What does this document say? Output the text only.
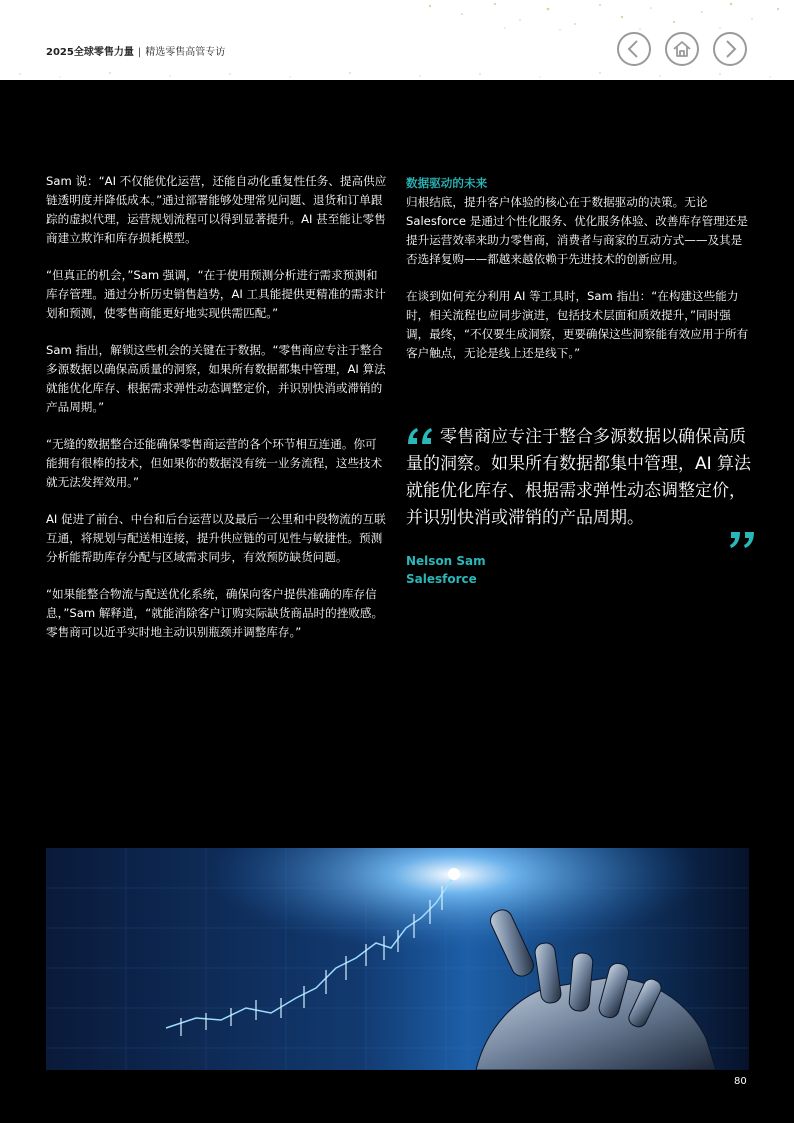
2025全球零售力量 | 精选零售高管专访

Sam 说：“AI 不仅能优化运营，还能自动化重复性任务、提高供应链透明度并降低成本。”通过部署能够处理常见问题、退货和订单跟踪的虚拟代理，运营规划流程可以得到显著提升。AI 甚至能让零售商建立欺诈和库存损耗模型。

“但真正的机会，”Sam 强调，“在于使用预测分析进行需求预测和库存管理。通过分析历史销售趋势，AI 工具能提供更精准的需求计划和预测，使零售商能更好地实现供需匹配。”

Sam 指出，解锁这些机会的关键在于数据。“零售商应专注于整合多源数据以确保高质量的洞察，如果所有数据都集中管理，AI 算法就能优化库存、根据需求弹性动态调整定价，并识别快消或滞销的产品周期。”

“无缝的数据整合还能确保零售商运营的各个环节相互连通。你可能拥有很棒的技术，但如果你的数据没有统一业务流程，这些技术就无法发挥效用。”

AI 促进了前台、中台和后台运营以及最后一公里和中段物流的互联互通，将规划与配送相连接，提升供应链的可见性与敏捷性。预测分析能帮助库存分配与区域需求同步，有效预防缺货问题。

“如果能整合物流与配送优化系统，确保向客户提供准确的库存信息，”Sam 解释道，“就能消除客户订购实际缺货商品时的挫败感。零售商可以近乎实时地主动识别瓶颈并调整库存。”

数据驱动的未来

归根结底，提升客户体验的核心在于数据驱动的决策。无论 Salesforce 是通过个性化服务、优化服务体验、改善库存管理还是提升运营效率来助力零售商，消费者与商家的互动方式——及其是否选择复购——都越来越依赖于先进技术的创新应用。

在谈到如何充分利用 AI 等工具时，Sam 指出：“在构建这些能力时，相关流程也应同步演进，包括技术层面和质效提升，”同时强调，最终，“不仅要生成洞察，更要确保这些洞察能有效应用于所有客户触点，无论是线上还是线下。”

零售商应专注于整合多源数据以确保高质量的洞察。如果所有数据都集中管理，AI 算法就能优化库存、根据需求弹性动态调整定价，并识别快消或滞销的产品周期。

Nelson Sam
Salesforce
80
